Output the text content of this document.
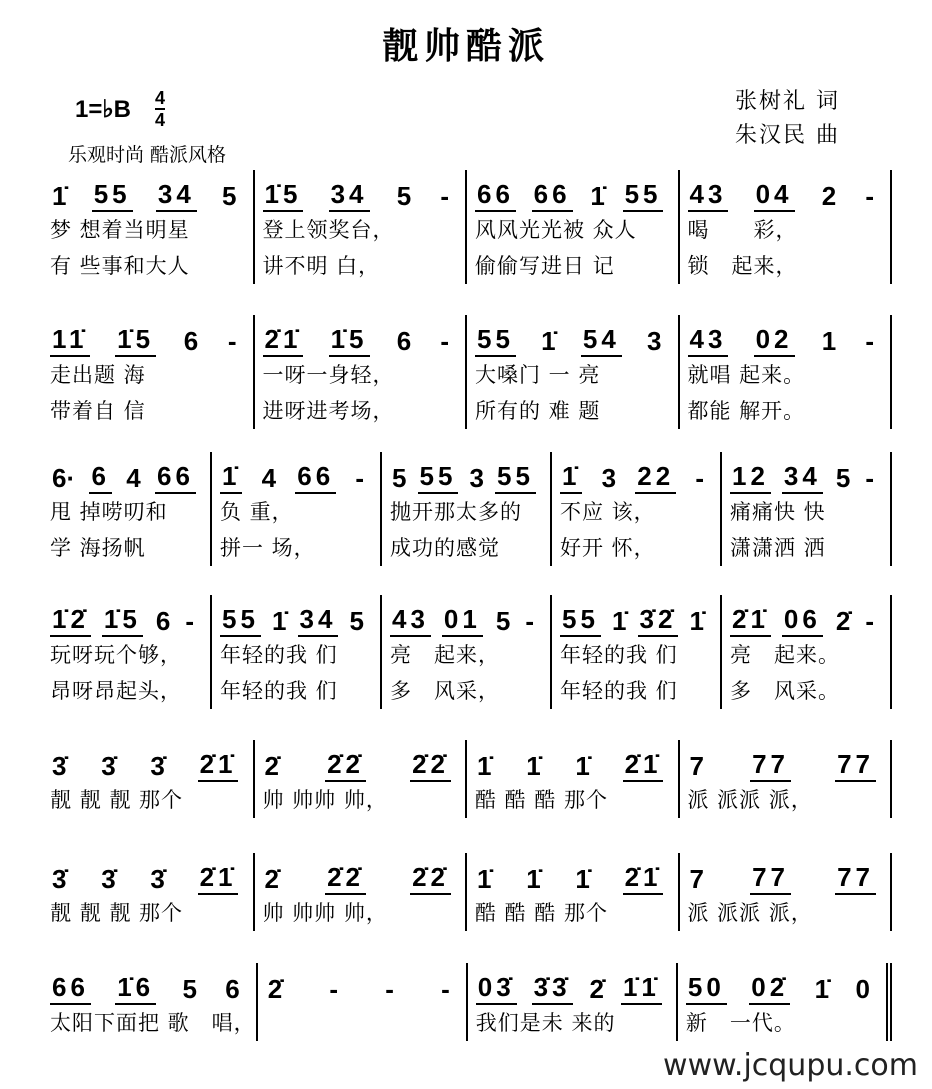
靓帅酷派
1=♭B 4
4
乐观时尚 酷派风格
张树礼 词
朱汉民 曲
1̇ 55 34 5
梦 想着当明星
有 些事和大人
1̇5 34 5 -
登上领奖台，
讲不明 白，
66 66 1̇ 55
风风光光被 众人
偷偷写进日 记
43 04 2 -
喝　　彩，
锁　起来，
11̇ 1̇5 6 -
走出题 海
带着自 信
2̇1̇ 1̇5 6 -
一呀一身轻，
进呀进考场，
55 1̇ 54 3
大嗓门 一 亮
所有的 难 题
43 02 1 -
就唱 起来。
都能 解开。
6· 6 4 66
甩 掉唠叨和
学 海扬帆
1̇ 4 66 -
负 重，
拼一 场，
5 55 3 55
抛开那太多的
成功的感觉
1̇ 3 22 -
不应 该，
好开 怀，
12 34 5 -
痛痛快 快
潇潇洒 洒
1̇2̇ 1̇5 6 -
玩呀玩个够，
昂呀昂起头，
55 1̇ 34 5
年轻的我 们
年轻的我 们
43 01 5 -
亮　起来，
多　风采，
55 1̇ 3̇2̇ 1̇
年轻的我 们
年轻的我 们
2̇1̇ 06 2̇ -
亮　起来。
多　风采。
3̇ 3̇ 3̇ 2̇1̇
靓 靓 靓 那个
2̇ 2̇2̇ 2̇2̇
帅 帅帅 帅，
1̇ 1̇ 1̇ 2̇1̇
酷 酷 酷 那个
7 77 77
派 派派 派，
3̇ 3̇ 3̇ 2̇1̇
靓 靓 靓 那个
2̇ 2̇2̇ 2̇2̇
帅 帅帅 帅，
1̇ 1̇ 1̇ 2̇1̇
酷 酷 酷 那个
7 77 77
派 派派 派，
66 1̇6 5 6
太阳下面把 歌　唱，
2̇ - - - 03̇ 3̇3̇ 2̇ 1̇1̇
我们是未 来的
50 02̇ 1̇ 0
新　一代。
www.jcqupu.com
